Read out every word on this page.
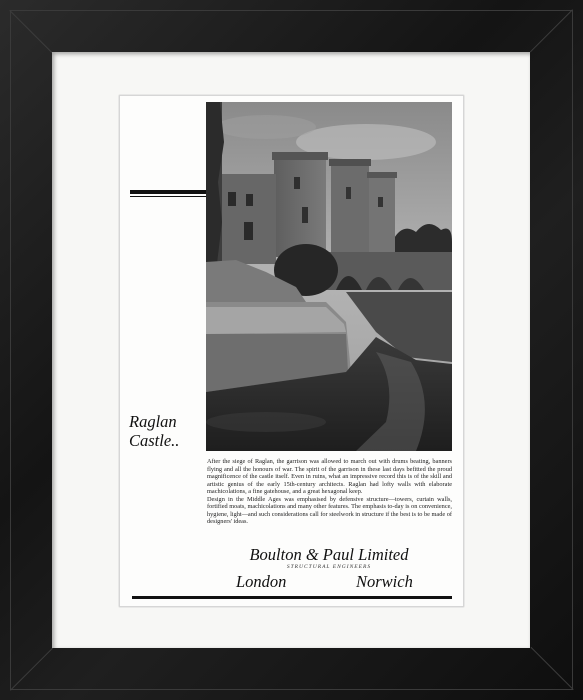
Raglan
Castle..

After the siege of Raglan, the garrison was allowed to march out with drums beating, banners flying and all the honours of war. The spirit of the garrison in these last days befitted the proud magnificence of the castle itself. Even in ruins, what an impressive record this is of the skill and artistic genius of the early 15th-century architects. Raglan had lofty walls with elaborate machicolations, a fine gatehouse, and a great hexagonal keep.

Design in the Middle Ages was emphasised by defensive structure—towers, curtain walls, fortified moats, machicolations and many other features. The emphasis to-day is on convenience, hygiene, light—and such considerations call for steelwork in structure if the best is to be made of designers' ideas.

Boulton & Paul Limited
STRUCTURAL ENGINEERS
London	Norwich
